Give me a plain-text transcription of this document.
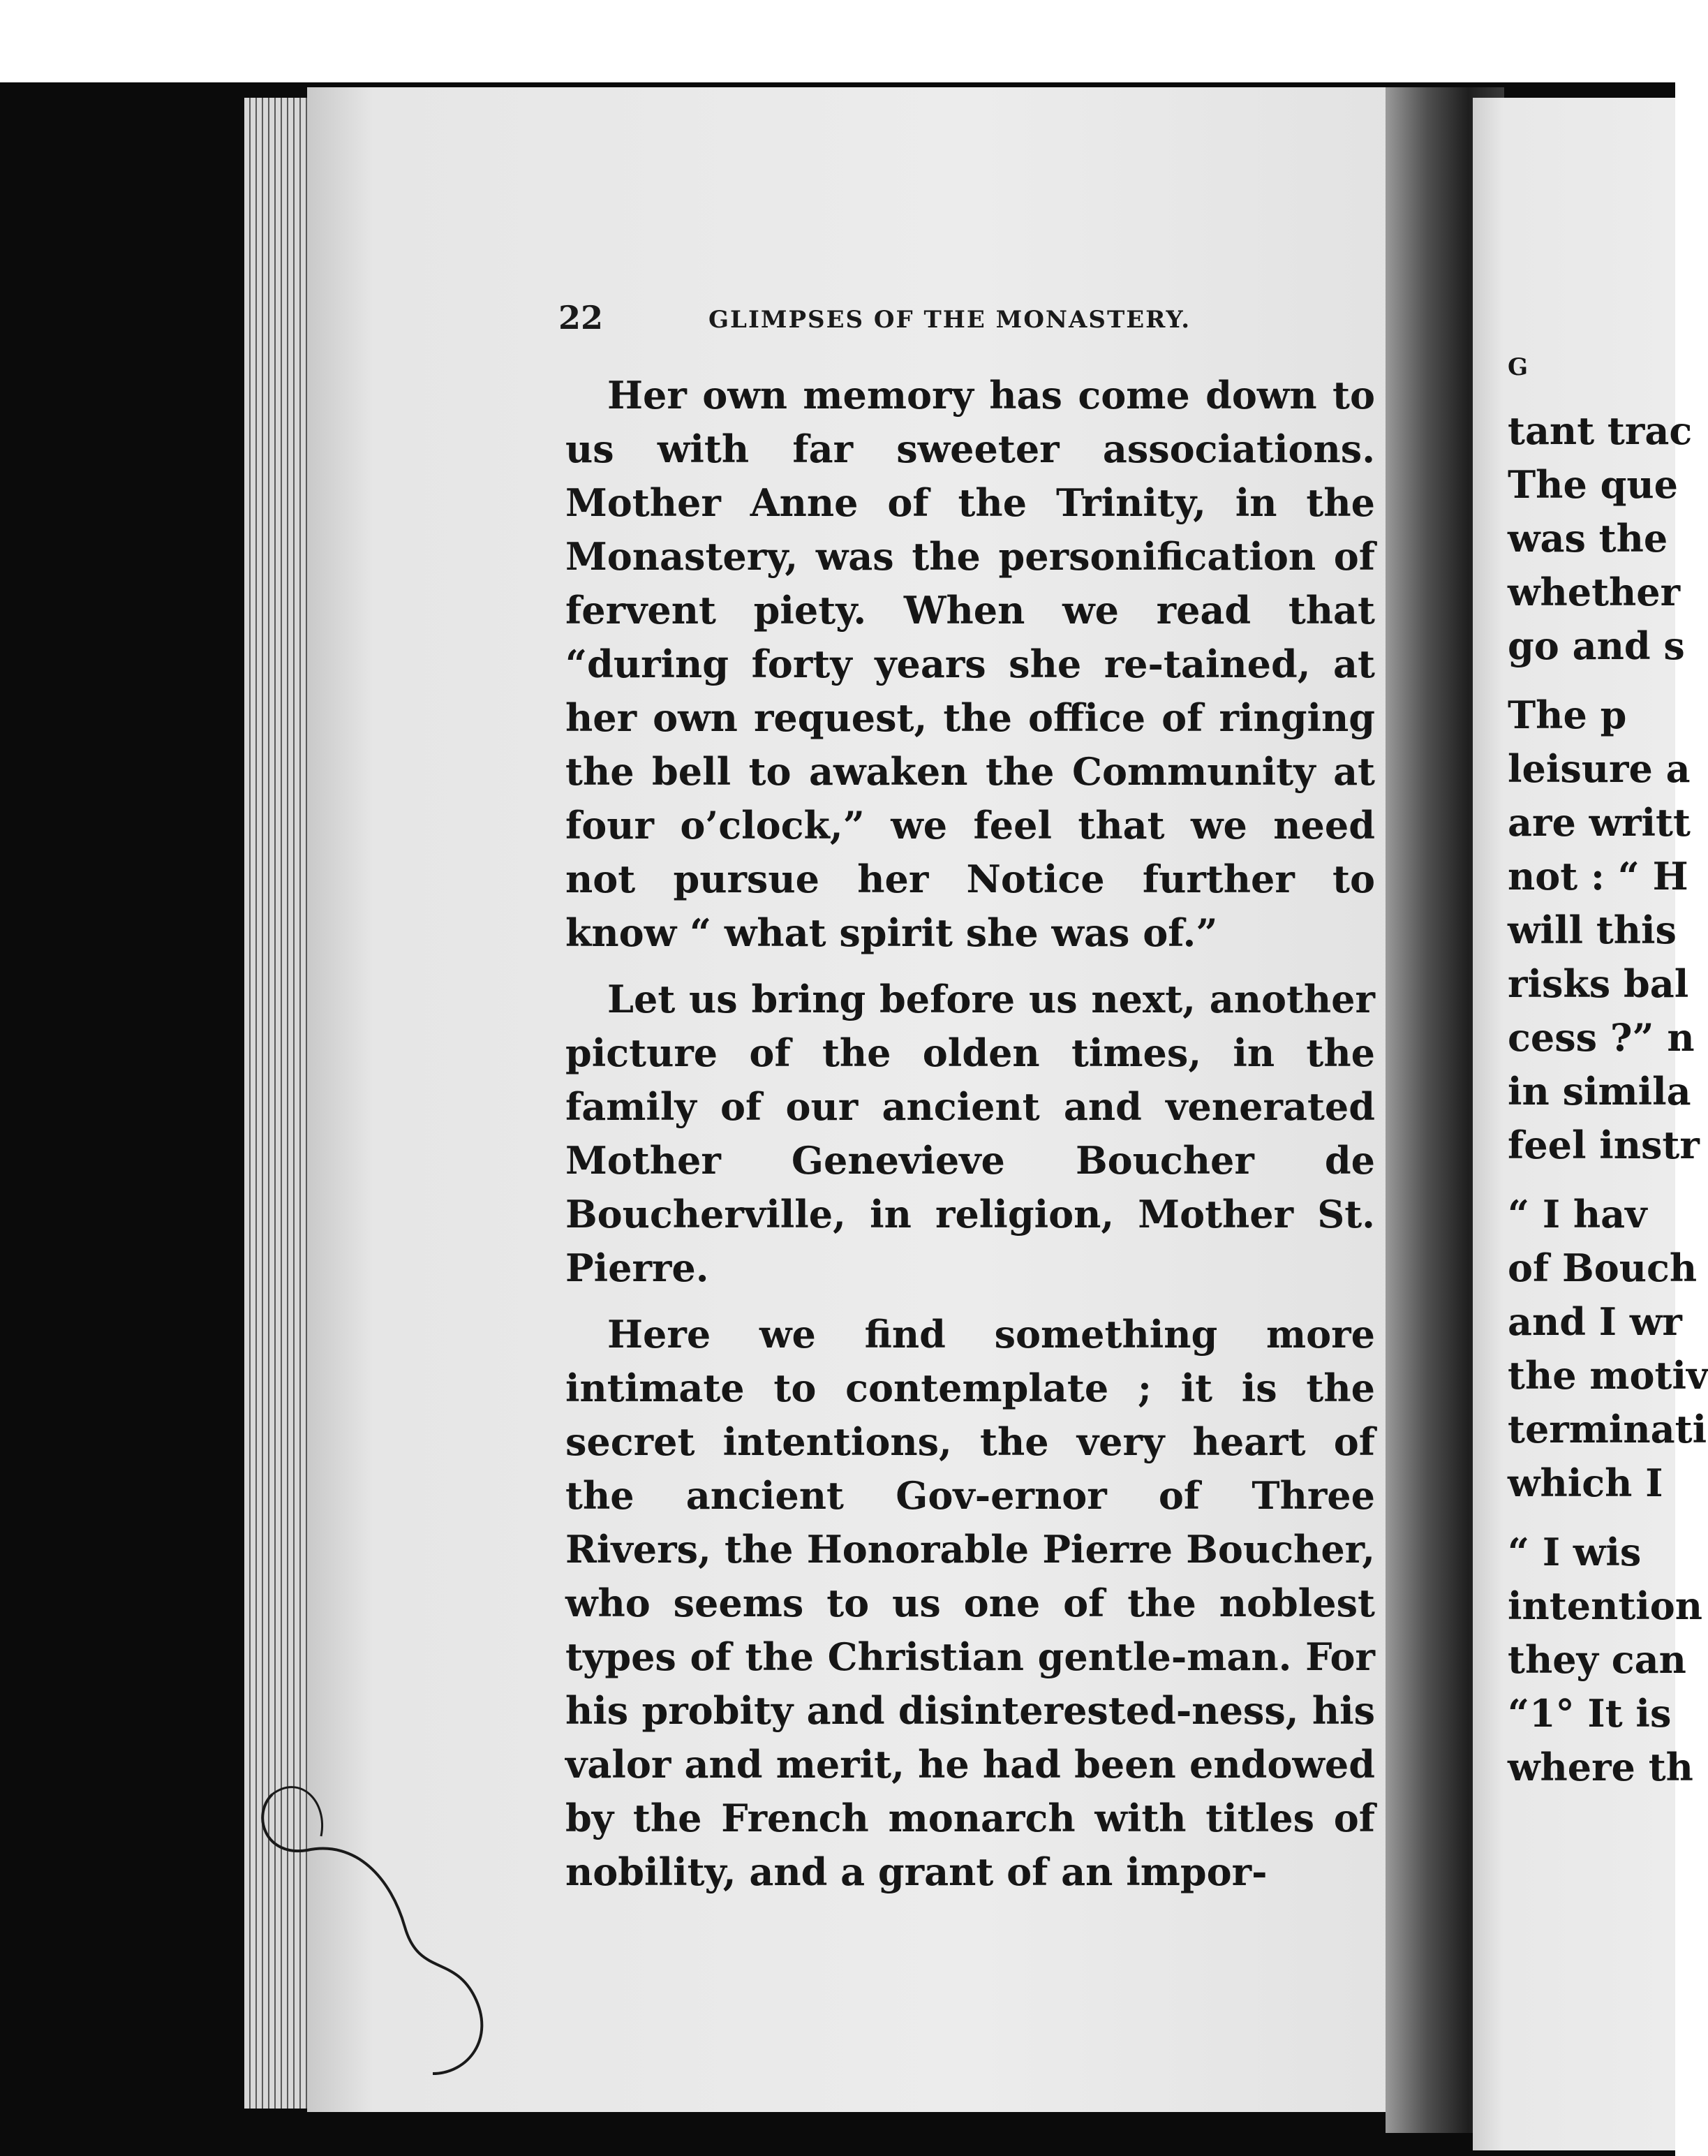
22	GLIMPSES OF THE MONASTERY.

Her own memory has come down to us with far sweeter associations. Mother Anne of the Trinity, in the Monastery, was the personification of fervent piety. When we read that “during forty years she re-tained, at her own request, the office of ringing the bell to awaken the Community at four o’clock,” we feel that we need not pursue her Notice further to know “ what spirit she was of.”

Let us bring before us next, another picture of the olden times, in the family of our ancient and venerated Mother Genevieve Boucher de Boucherville, in religion, Mother St. Pierre.

Here we find something more intimate to contemplate ; it is the secret intentions, the very heart of the ancient Gov-ernor of Three Rivers, the Honorable Pierre Boucher, who seems to us one of the noblest types of the Christian gentle-man. For his probity and disinterested-ness, his valor and merit, he had been endowed by the French monarch with titles of nobility, and a grant of an impor-

G
tant trac
The que
was the
whether
go and s
The p
leisure a
are writt
not : “ H
will this
risks bal
cess ?” n
in simila
feel instr
“ I hav
of Bouch
and I wr
the motiv
terminati
which I
“ I wis
intention
they can
“1° It is
where th
